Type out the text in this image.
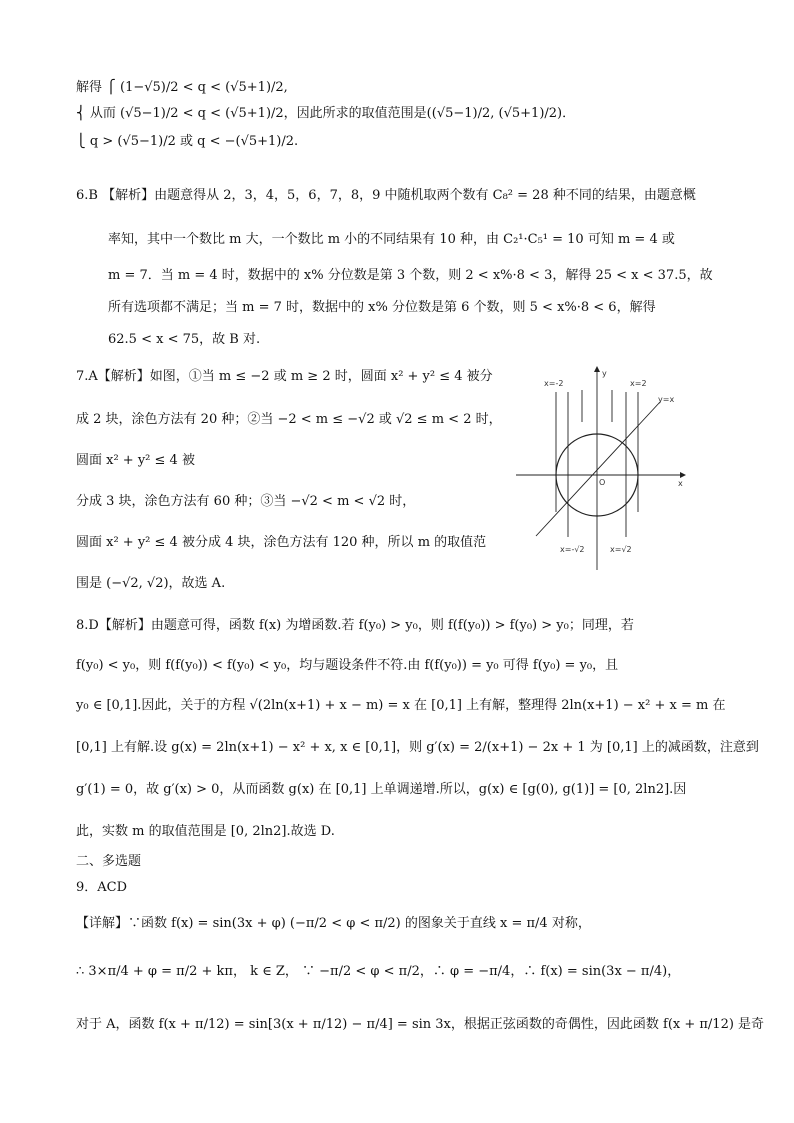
解得 ⎧ (1−√5)/2 < q < (√5+1)/2,
⎨ 从而 (√5−1)/2 < q < (√5+1)/2，因此所求的取值范围是((√5−1)/2, (√5+1)/2)．
⎩ q > (√5−1)/2 或 q < −(√5+1)/2.
6.B 【解析】由题意得从 2，3，4，5，6，7，8，9 中随机取两个数有 C₈² = 28 种不同的结果，由题意概
率知，其中一个数比 m 大，一个数比 m 小的不同结果有 10 种，由 C₂¹·C₅¹ = 10 可知 m = 4 或
m = 7．当 m = 4 时，数据中的 x% 分位数是第 3 个数，则 2 < x%·8 < 3，解得 25 < x < 37.5，故
所有选项都不满足；当 m = 7 时，数据中的 x% 分位数是第 6 个数，则 5 < x%·8 < 6，解得
62.5 < x < 75，故 B 对.
7.A【解析】如图，①当 m ≤ −2 或 m ≥ 2 时，圆面 x² + y² ≤ 4 被分
成 2 块，涂色方法有 20 种；②当 −2 < m ≤ −√2 或 √2 ≤ m < 2 时，
圆面 x² + y² ≤ 4 被
分成 3 块，涂色方法有 60 种；③当 −√2 < m < √2 时，
圆面 x² + y² ≤ 4 被分成 4 块，涂色方法有 120 种，所以 m 的取值范
围是 (−√2, √2)，故选 A.
8.D【解析】由题意可得，函数 f(x) 为增函数.若 f(y₀) > y₀，则 f(f(y₀)) > f(y₀) > y₀；同理，若
f(y₀) < y₀，则 f(f(y₀)) < f(y₀) < y₀，均与题设条件不符.由 f(f(y₀)) = y₀ 可得 f(y₀) = y₀，且
y₀ ∈ [0,1].因此，关于的方程 √(2ln(x+1) + x − m) = x 在 [0,1] 上有解，整理得 2ln(x+1) − x² + x = m 在
[0,1] 上有解.设 g(x) = 2ln(x+1) − x² + x, x ∈ [0,1]，则 g′(x) = 2/(x+1) − 2x + 1 为 [0,1] 上的减函数，注意到
g′(1) = 0，故 g′(x) > 0，从而函数 g(x) 在 [0,1] 上单调递增.所以，g(x) ∈ [g(0), g(1)] = [0, 2ln2].因
此，实数 m 的取值范围是 [0, 2ln2].故选 D.
二、多选题
9．ACD
【详解】∵函数 f(x) = sin(3x + φ) (−π/2 < φ < π/2) 的图象关于直线 x = π/4 对称，
∴ 3×π/4 + φ = π/2 + kπ， k ∈ Z， ∵ −π/2 < φ < π/2，∴ φ = −π/4，∴ f(x) = sin(3x − π/4)，
对于 A，函数 f(x + π/12) = sin[3(x + π/12) − π/4] = sin 3x，根据正弦函数的奇偶性，因此函数 f(x + π/12) 是奇
x=-2	x=2
y=x
y
x
O
x=-√2	x=√2
